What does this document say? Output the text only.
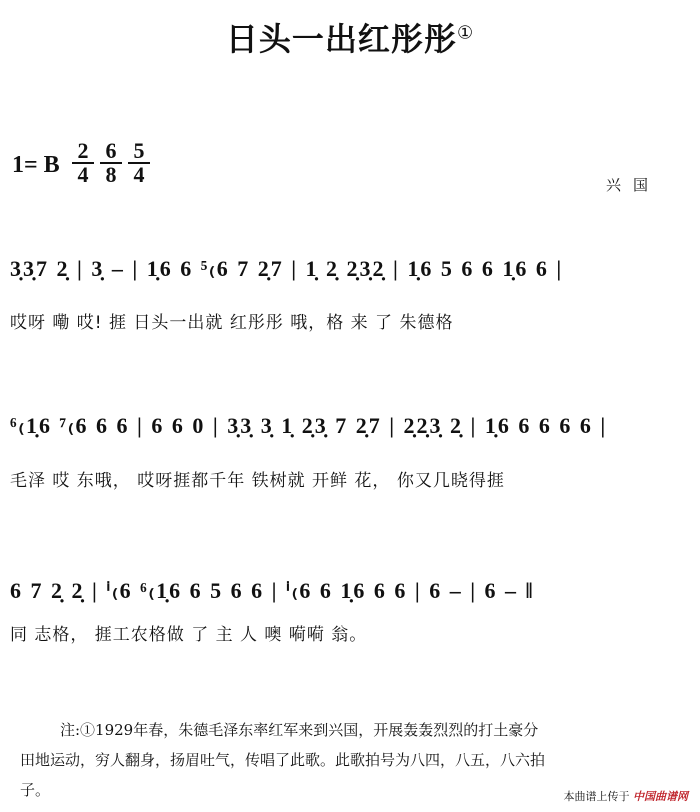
日头一出红彤彤①
1= B $\frac{2}{4} \frac{6}{8} \frac{5}{4}$	兴国
3̣3̣7 2̣ | 3̣ – | 1̣6 6 ⁵₍6 7 2̣7 | 1̣ 2̣ 2̣3̣2̣ | 1̣6 5 6 6 1̣6 6 |
哎呀 嘞 哎! 捱 日头一出就 红彤彤 哦，格 来 了 朱德格
⁶₍1̣6 ⁷₍6 6 6 | 6 6 0 | 3̣3̣ 3̣ 1̣ 2̣3̣ 7 2̣7 | 2̣2̣3̣ 2̣ | 1̣6 6 6 6 6 |
毛泽 哎 东哦， 哎呀捱都千年 铁树就 开鲜 花， 你又几晓得捱
6 7 2̣ 2̣ | ⁱ₍6 ⁶₍1̣6 6 5 6 6 | ⁱ₍6 6 1̣6 6 6 | 6 – | 6 – ‖
同 志格， 捱工农格做 了 主 人 噢 嗬嗬 翁。
注:①1929年春，朱德毛泽东率红军来到兴国，开展轰轰烈烈的打土豪分
田地运动，穷人翻身，扬眉吐气，传唱了此歌。此歌拍号为八四，八五，八六拍
子。	本曲谱上传于 中国曲谱网
